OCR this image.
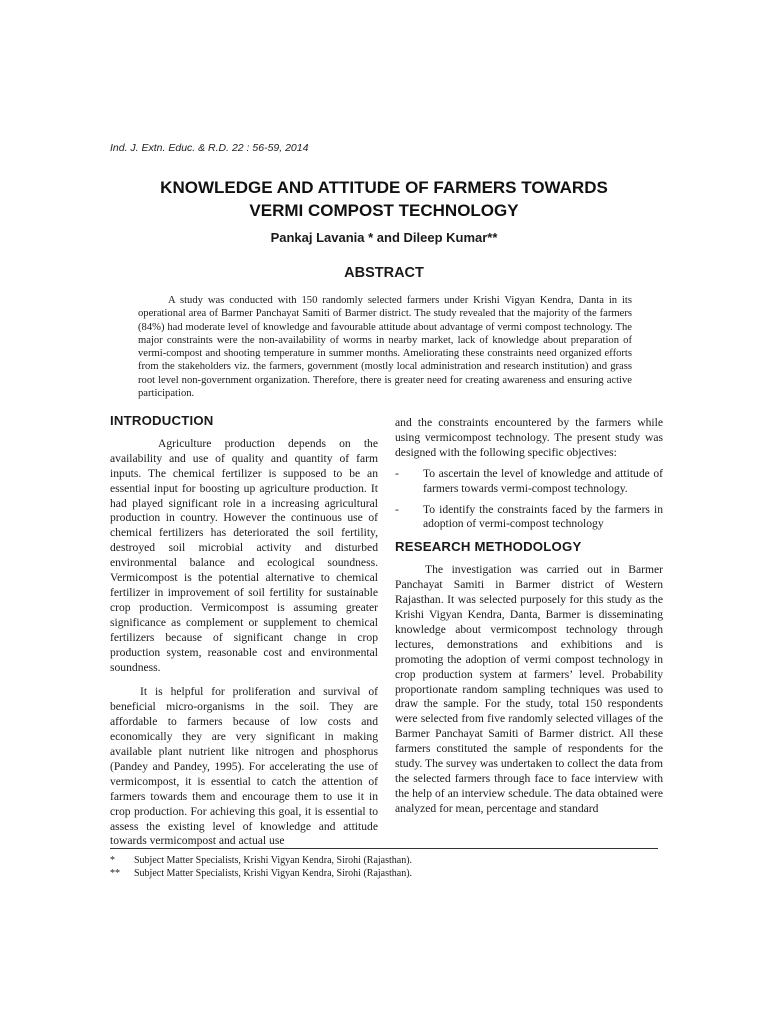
Ind. J. Extn. Educ. & R.D. 22 : 56-59, 2014
KNOWLEDGE AND ATTITUDE OF FARMERS TOWARDS
VERMI COMPOST TECHNOLOGY
Pankaj Lavania * and Dileep Kumar**
ABSTRACT

A study was conducted with 150 randomly selected farmers under Krishi Vigyan Kendra, Danta in its operational area of Barmer Panchayat Samiti of Barmer district. The study revealed that the majority of the farmers (84%) had moderate level of knowledge and favourable attitude about advantage of vermi compost technology. The major constraints were the non-availability of worms in nearby market, lack of knowledge about preparation of vermi-compost and shooting temperature in summer months. Ameliorating these constraints need organized efforts from the stakeholders viz. the farmers, government (mostly local administration and research institution) and grass root level non-government organization. Therefore, there is greater need for creating awareness and ensuring active participation.

INTRODUCTION

Agriculture production depends on the availability and use of quality and quantity of farm inputs. The chemical fertilizer is supposed to be an essential input for boosting up agriculture production. It had played significant role in a increasing agricultural production in country. However the continuous use of chemical fertilizers has deteriorated the soil fertility, destroyed soil microbial activity and disturbed environmental balance and ecological soundness. Vermicompost is the potential alternative to chemical fertilizer in improvement of soil fertility for sustainable crop production. Vermicompost is assuming greater significance as complement or supplement to chemical fertilizers because of significant change in crop production system, reasonable cost and environmental soundness.

It is helpful for proliferation and survival of beneficial micro-organisms in the soil. They are affordable to farmers because of low costs and economically they are very significant in making available plant nutrient like nitrogen and phosphorus (Pandey and Pandey, 1995). For accelerating the use of vermicompost, it is essential to catch the attention of farmers towards them and encourage them to use it in crop production. For achieving this goal, it is essential to assess the existing level of knowledge and attitude towards vermicompost and actual use

and the constraints encountered by the farmers while using vermicompost technology. The present study was designed with the following specific objectives:

-	To ascertain the level of knowledge and attitude of farmers towards vermi-compost technology.
-	To identify the constraints faced by the farmers in adoption of vermi-compost technology
RESEARCH METHODOLOGY

The investigation was carried out in Barmer Panchayat Samiti in Barmer district of Western Rajasthan. It was selected purposely for this study as the Krishi Vigyan Kendra, Danta, Barmer is disseminating knowledge about vermicompost technology through lectures, demonstrations and exhibitions and is promoting the adoption of vermi compost technology in crop production system at farmers’ level. Probability proportionate random sampling techniques was used to draw the sample. For the study, total 150 respondents were selected from five randomly selected villages of the Barmer Panchayat Samiti of Barmer district. All these farmers constituted the sample of respondents for the study. The survey was undertaken to collect the data from the selected farmers through face to face interview with the help of an interview schedule. The data obtained were analyzed for mean, percentage and standard

*	Subject Matter Specialists, Krishi Vigyan Kendra, Sirohi (Rajasthan).
**	Subject Matter Specialists, Krishi Vigyan Kendra, Sirohi (Rajasthan).
